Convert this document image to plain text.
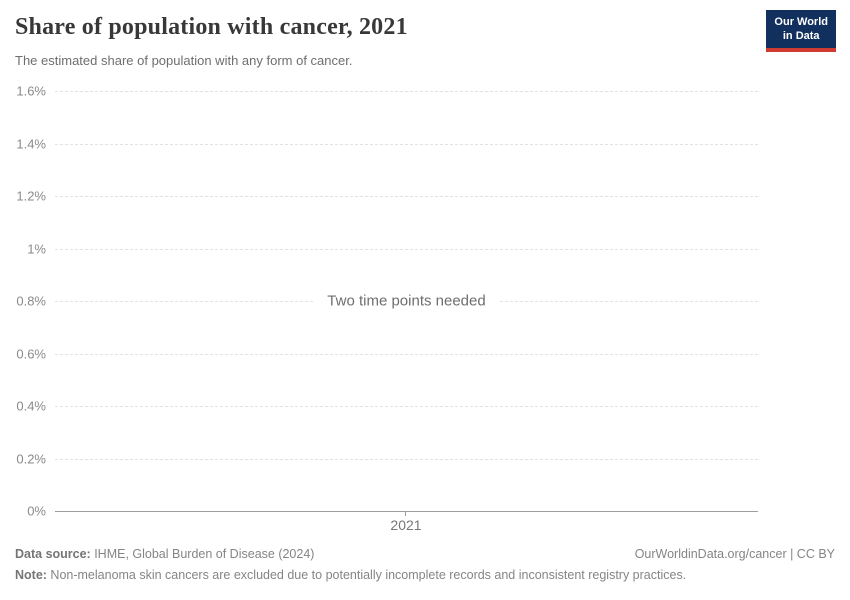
Share of population with cancer, 2021

The estimated share of population with any form of cancer.

Our World
in Data
1.6%
1.4%
1.2%
1%
0.8%
0.6%
0.4%
0.2%
0%
Two time points needed
2021
Data source: IHME, Global Burden of Disease (2024)	OurWorldinData.org/cancer | CC BY
Note: Non-melanoma skin cancers are excluded due to potentially incomplete records and inconsistent registry practices.
